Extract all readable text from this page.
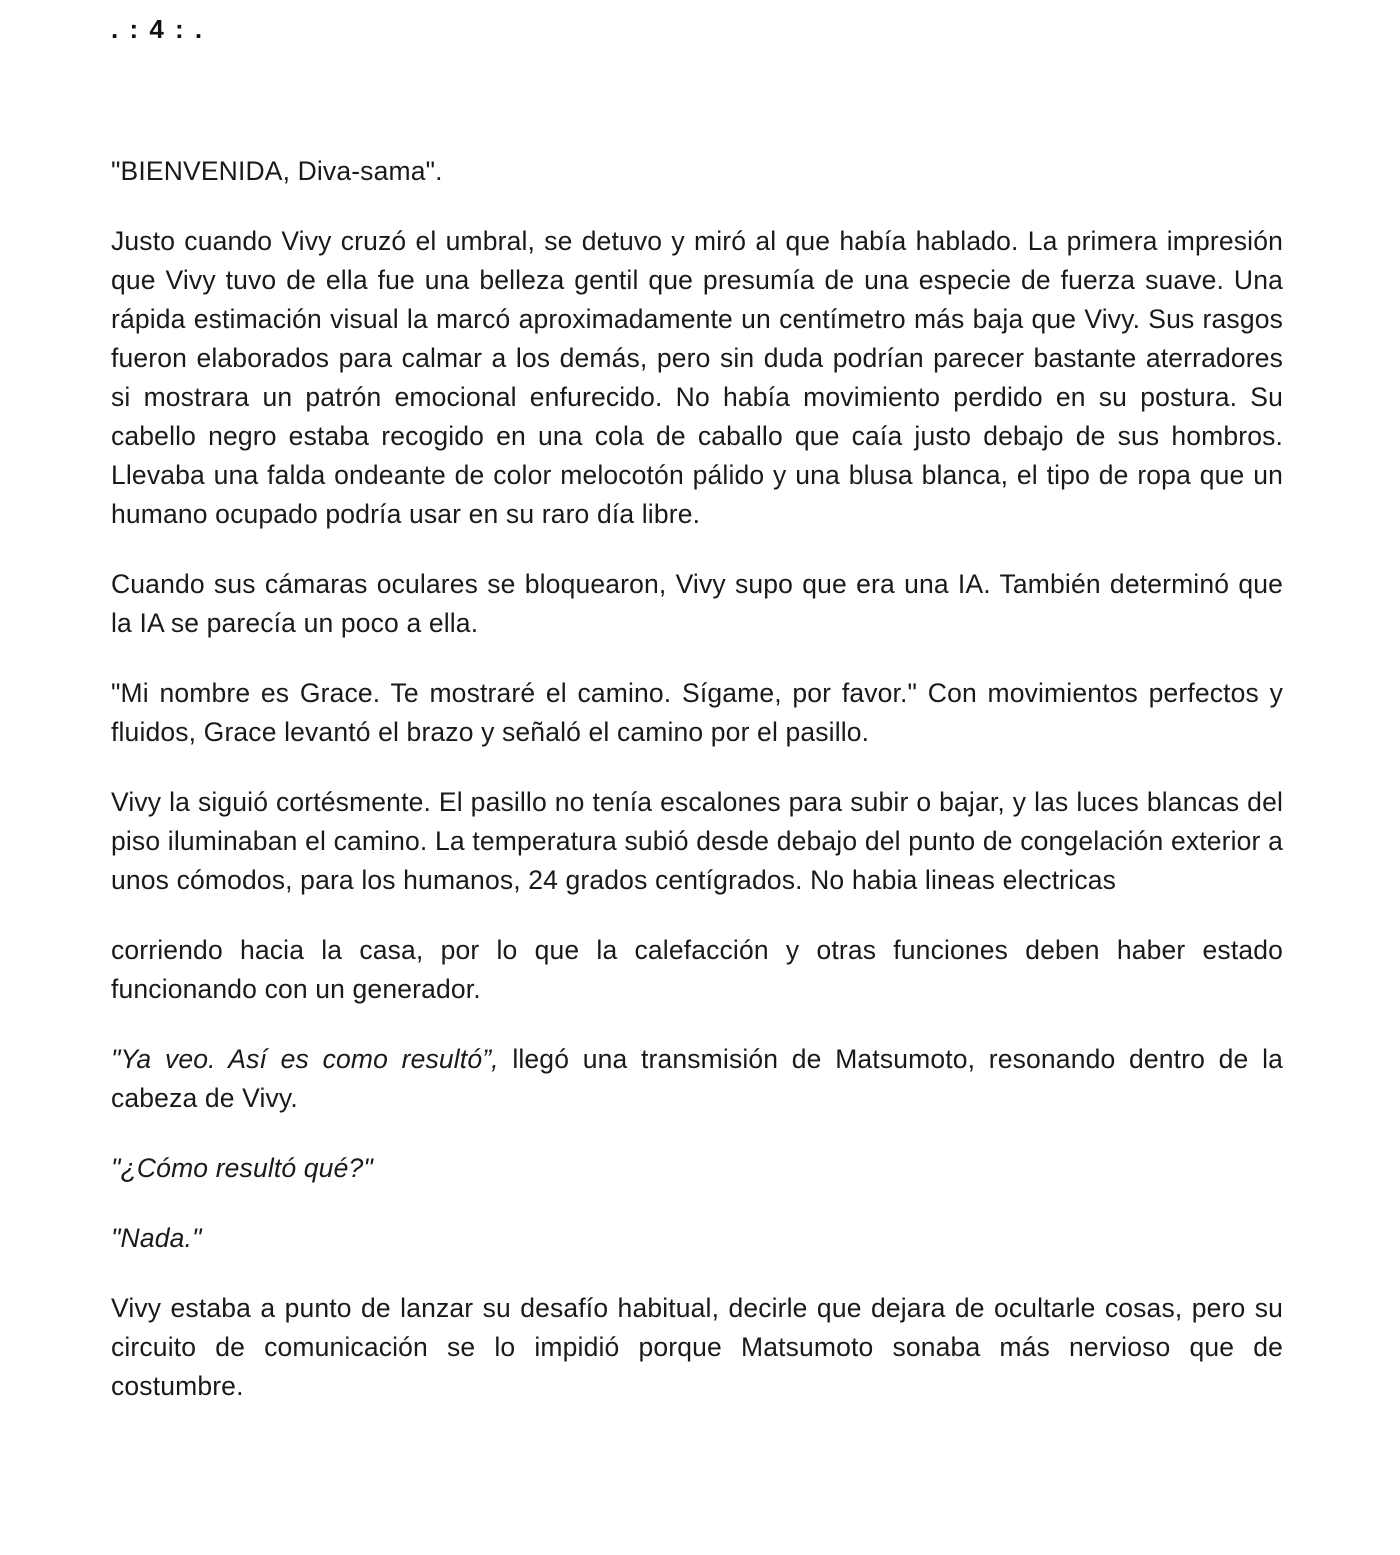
. : 4 : .

"BIENVENIDA, Diva-sama".

Justo cuando Vivy cruzó el umbral, se detuvo y miró al que había hablado. La primera impresión que Vivy tuvo de ella fue una belleza gentil que presumía de una especie de fuerza suave. Una rápida estimación visual la marcó aproximadamente un centímetro más baja que Vivy. Sus rasgos fueron elaborados para calmar a los demás, pero sin duda podrían parecer bastante aterradores si mostrara un patrón emocional enfurecido. No había movimiento perdido en su postura. Su cabello negro estaba recogido en una cola de caballo que caía justo debajo de sus hombros. Llevaba una falda ondeante de color melocotón pálido y una blusa blanca, el tipo de ropa que un humano ocupado podría usar en su raro día libre.

Cuando sus cámaras oculares se bloquearon, Vivy supo que era una IA. También determinó que la IA se parecía un poco a ella.

"Mi nombre es Grace. Te mostraré el camino. Sígame, por favor." Con movimientos perfectos y fluidos, Grace levantó el brazo y señaló el camino por el pasillo.

Vivy la siguió cortésmente. El pasillo no tenía escalones para subir o bajar, y las luces blancas del piso iluminaban el camino. La temperatura subió desde debajo del punto de congelación exterior a unos cómodos, para los humanos, 24 grados centígrados. No habia lineas electricas

corriendo hacia la casa, por lo que la calefacción y otras funciones deben haber estado funcionando con un generador.

"Ya veo. Así es como resultó”, llegó una transmisión de Matsumoto, resonando dentro de la cabeza de Vivy.

"¿Cómo resultó qué?"

"Nada."

Vivy estaba a punto de lanzar su desafío habitual, decirle que dejara de ocultarle cosas, pero su circuito de comunicación se lo impidió porque Matsumoto sonaba más nervioso que de costumbre.
